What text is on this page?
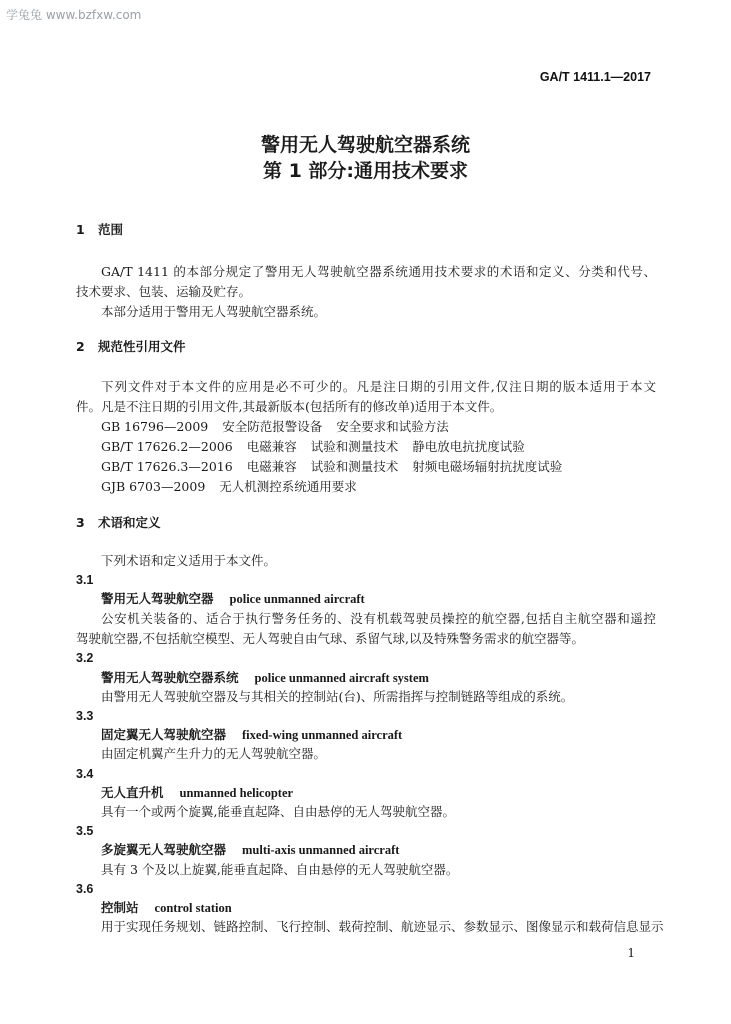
学兔兔 www.bzfxw.com
GA/T 1411.1—2017
警用无人驾驶航空器系统
第 1 部分:通用技术要求
1 范围
GA/T 1411 的本部分规定了警用无人驾驶航空器系统通用技术要求的术语和定义、分类和代号、
技术要求、包装、运输及贮存。
本部分适用于警用无人驾驶航空器系统。
2 规范性引用文件
下列文件对于本文件的应用是必不可少的。凡是注日期的引用文件,仅注日期的版本适用于本文
件。凡是不注日期的引用文件,其最新版本(包括所有的修改单)适用于本文件。
GB 16796—2009 安全防范报警设备 安全要求和试验方法
GB/T 17626.2—2006 电磁兼容 试验和测量技术 静电放电抗扰度试验
GB/T 17626.3—2016 电磁兼容 试验和测量技术 射频电磁场辐射抗扰度试验
GJB 6703—2009 无人机测控系统通用要求
3 术语和定义
下列术语和定义适用于本文件。
3.1
警用无人驾驶航空器 police unmanned aircraft
公安机关装备的、适合于执行警务任务的、没有机载驾驶员操控的航空器,包括自主航空器和遥控
驾驶航空器,不包括航空模型、无人驾驶自由气球、系留气球,以及特殊警务需求的航空器等。
3.2
警用无人驾驶航空器系统 police unmanned aircraft system
由警用无人驾驶航空器及与其相关的控制站(台)、所需指挥与控制链路等组成的系统。
3.3
固定翼无人驾驶航空器 fixed-wing unmanned aircraft
由固定机翼产生升力的无人驾驶航空器。
3.4
无人直升机 unmanned helicopter
具有一个或两个旋翼,能垂直起降、自由悬停的无人驾驶航空器。
3.5
多旋翼无人驾驶航空器 multi-axis unmanned aircraft
具有 3 个及以上旋翼,能垂直起降、自由悬停的无人驾驶航空器。
3.6
控制站 control station
用于实现任务规划、链路控制、飞行控制、载荷控制、航迹显示、参数显示、图像显示和载荷信息显示
1
